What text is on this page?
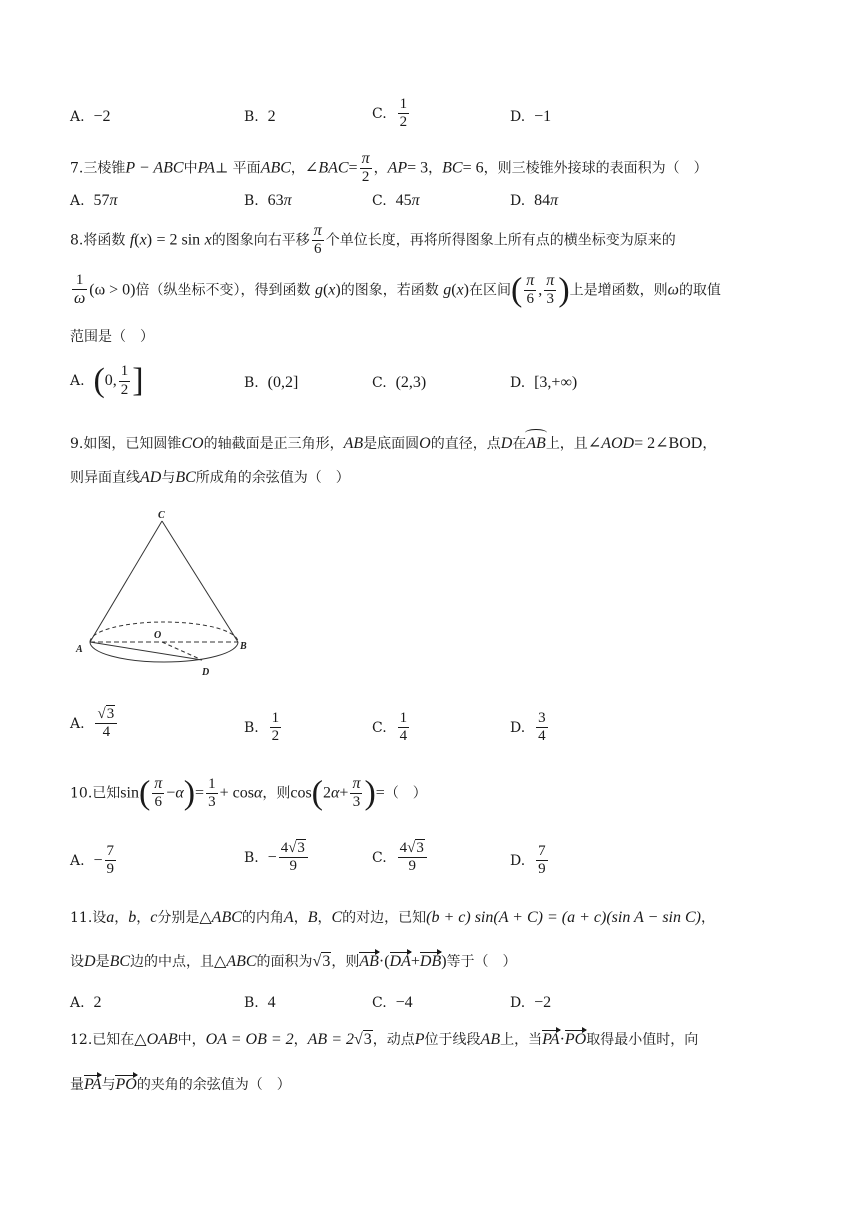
A. −2	B. 2	C. $\frac{1}{2}$	D. −1
7.三棱锥P − ABC中PA⊥ 平面ABC，∠BAC= $\frac{\pi}{2}$ ，AP= 3，BC= 6，则三棱锥外接球的表面积为（　）
A. 57π	B. 63π	C. 45π	D. 84π
8.将函数 f(x) = 2 sin x的图象向右平移 $\frac{\pi}{6}$ 个单位长度，再将所得图象上所有点的横坐标变为原来的
$\frac{1}{\omega} (\omega > 0)$倍（纵坐标不变），得到函数 g(x)的图象，若函数 g(x)在区间( $\frac{\pi}{6}$ , $\frac{\pi}{3}$ )上是增函数，则ω的取值
范围是（　）
A. (0, $\frac{1}{2}$ ]	B. (0,2]	C. (2,3)	D. [3,+∞)
9.如图，已知圆锥CO的轴截面是正三角形，AB是底面圆O的直径，点D在AB上，且∠AOD= 2∠BOD，
则异面直线AD与BC所成角的余弦值为（　）
C
O
A	B
D
A. $\frac{√3}{4}$	B. $\frac{1}{2}$	C. $\frac{1}{4}$	D. $\frac{3}{4}$
10.已知$\sin( \frac{\pi}{6} -\alpha)= \frac{1}{3} + \cos\alpha$，则$\cos(2\alpha+ \frac{\pi}{3}$ )=（　）
A. − $\frac{7}{9}$	B. − $\frac{4√3}{9}$	C. $\frac{4√3}{9}$	D. $\frac{7}{9}$
11.设a，b，c分别是△ABC的内角A，B，C的对边，已知(b + c) sin(A + C) = (a + c)(sin A − sin C)，
设D是BC边的中点，且△ABC的面积为√3，则AB·(DA+DB)等于（　）
A. 2	B. 4	C. −4	D. −2
12.已知在△OAB中，OA = OB = 2，AB = 2√3，动点P位于线段AB上，当PA·PO取得最小值时，向
量PA与PO的夹角的余弦值为（　）
